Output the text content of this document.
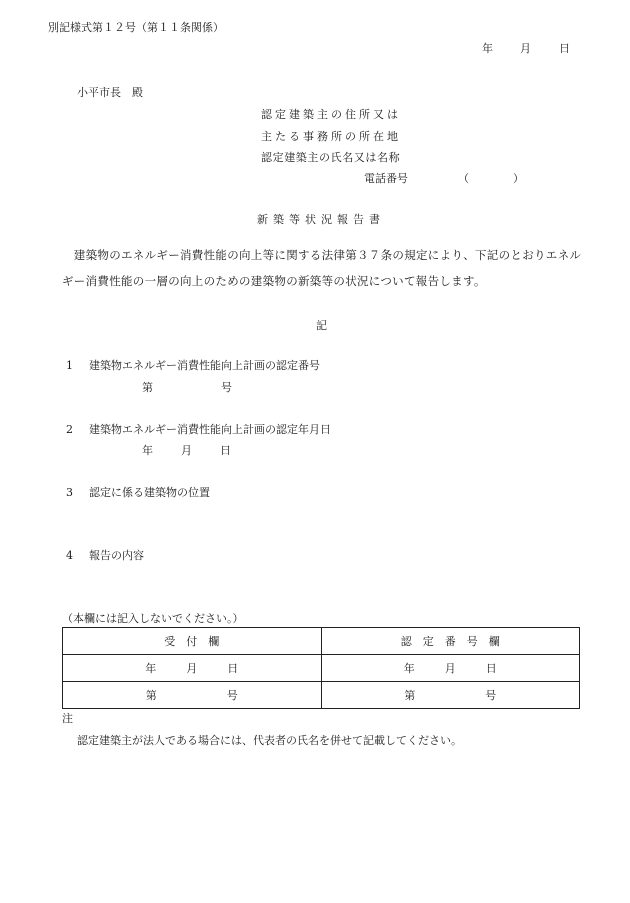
別記様式第１２号（第１１条関係）
年 月	日
小平市長　殿
認定建築主の住所又は
主たる事務所の所在地
認定建築主の氏名又は名称
電話番号	（　　　　）
新築等状況報告書
　建築物のエネルギー消費性能の向上等に関する法律第３７条の規定により、下記のとおりエネルギー消費性能の一層の向上のための建築物の新築等の状況について報告します。
記
1 建築物エネルギー消費性能向上計画の認定番号
第	号
2 建築物エネルギー消費性能向上計画の認定年月日
年	月	日
3 認定に係る建築物の位置
4 報告の内容
（本欄には記入しないでください。）
受　付　欄	認　定　番　号　欄

年 月 日	年 月 日

第 号	第 号
注
認定建築主が法人である場合には、代表者の氏名を併せて記載してください。
